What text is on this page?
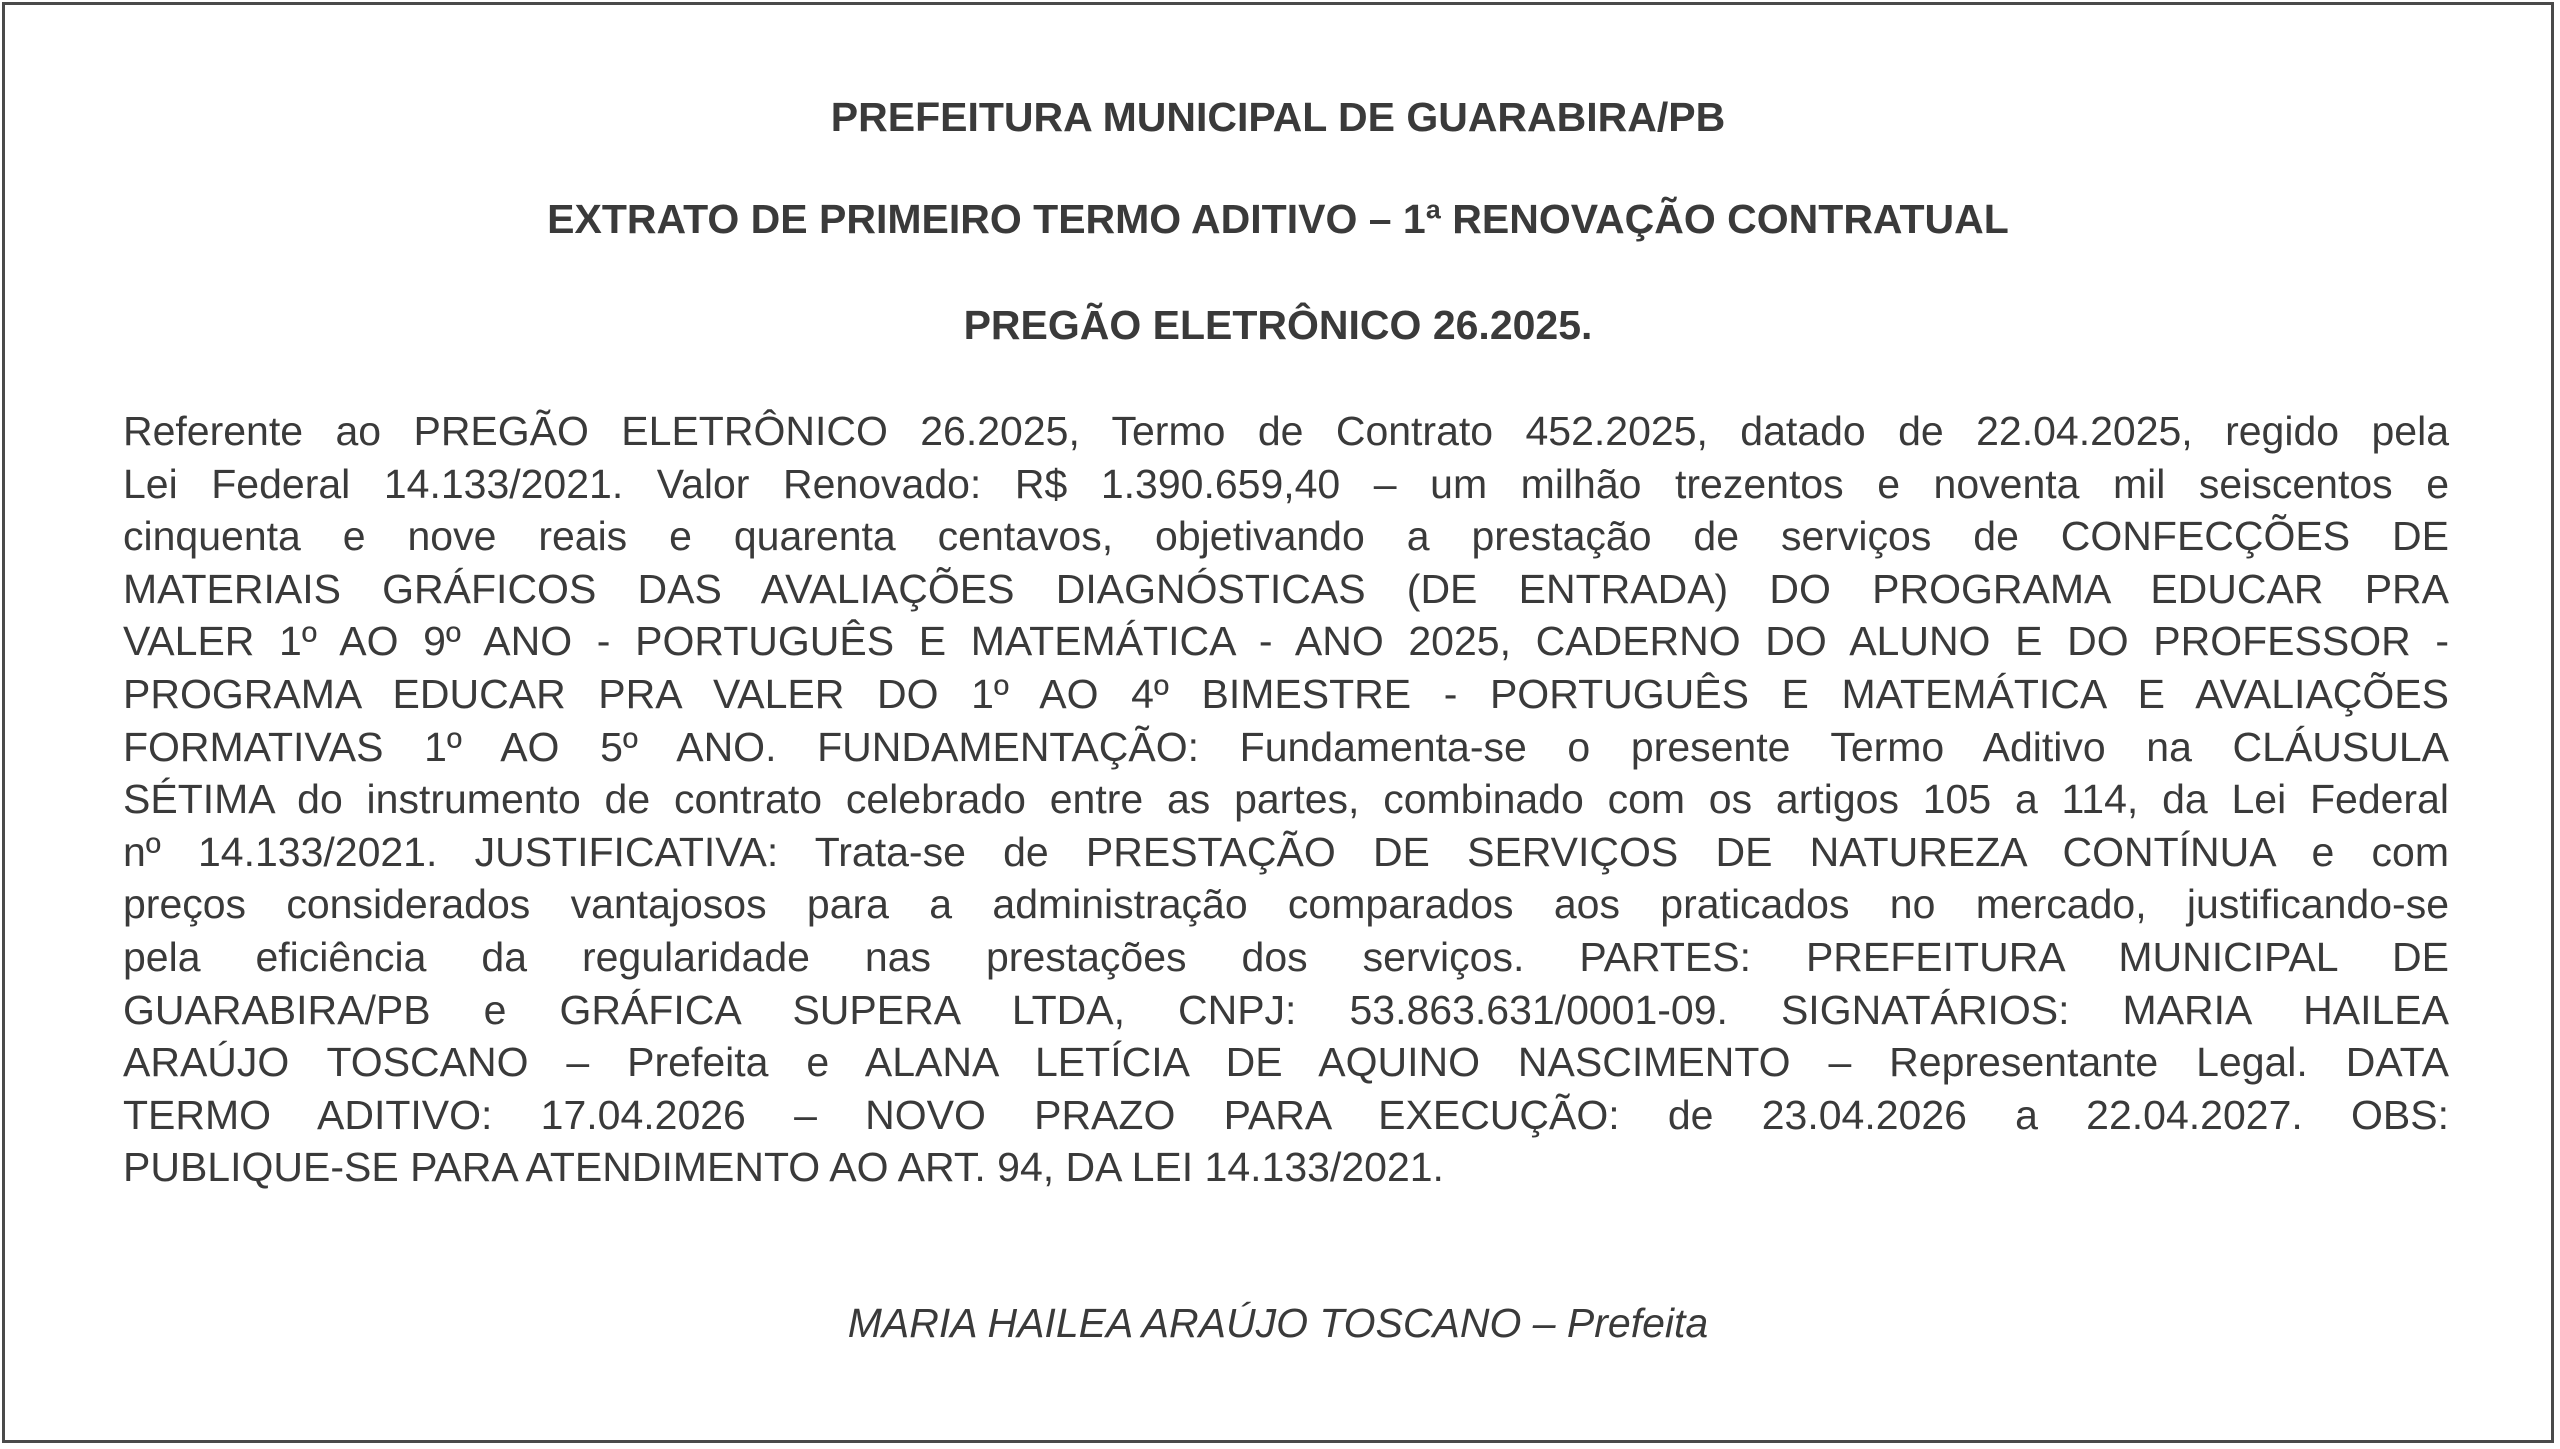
PREFEITURA MUNICIPAL DE GUARABIRA/PB
EXTRATO DE PRIMEIRO TERMO ADITIVO – 1ª RENOVAÇÃO CONTRATUAL
PREGÃO ELETRÔNICO 26.2025.
Referente ao PREGÃO ELETRÔNICO 26.2025, Termo de Contrato 452.2025, datado de 22.04.2025, regido pela
Lei Federal 14.133/2021. Valor Renovado: R$ 1.390.659,40 – um milhão trezentos e noventa mil seiscentos e
cinquenta e nove reais e quarenta centavos, objetivando a prestação de serviços de CONFECÇÕES DE
MATERIAIS GRÁFICOS DAS AVALIAÇÕES DIAGNÓSTICAS (DE ENTRADA) DO PROGRAMA EDUCAR PRA
VALER 1º AO 9º ANO - PORTUGUÊS E MATEMÁTICA - ANO 2025, CADERNO DO ALUNO E DO PROFESSOR -
PROGRAMA EDUCAR PRA VALER DO 1º AO 4º BIMESTRE - PORTUGUÊS E MATEMÁTICA E AVALIAÇÕES
FORMATIVAS 1º AO 5º ANO. FUNDAMENTAÇÃO: Fundamenta-se o presente Termo Aditivo na CLÁUSULA
SÉTIMA do instrumento de contrato celebrado entre as partes, combinado com os artigos 105 a 114, da Lei Federal
nº 14.133/2021. JUSTIFICATIVA: Trata-se de PRESTAÇÃO DE SERVIÇOS DE NATUREZA CONTÍNUA e com
preços considerados vantajosos para a administração comparados aos praticados no mercado, justificando-se
pela eficiência da regularidade nas prestações dos serviços. PARTES: PREFEITURA MUNICIPAL DE
GUARABIRA/PB e GRÁFICA SUPERA LTDA, CNPJ: 53.863.631/0001-09. SIGNATÁRIOS: MARIA HAILEA
ARAÚJO TOSCANO – Prefeita e ALANA LETÍCIA DE AQUINO NASCIMENTO – Representante Legal. DATA
TERMO ADITIVO: 17.04.2026 – NOVO PRAZO PARA EXECUÇÃO: de 23.04.2026 a 22.04.2027. OBS:
PUBLIQUE-SE PARA ATENDIMENTO AO ART. 94, DA LEI 14.133/2021.
MARIA HAILEA ARAÚJO TOSCANO – Prefeita
